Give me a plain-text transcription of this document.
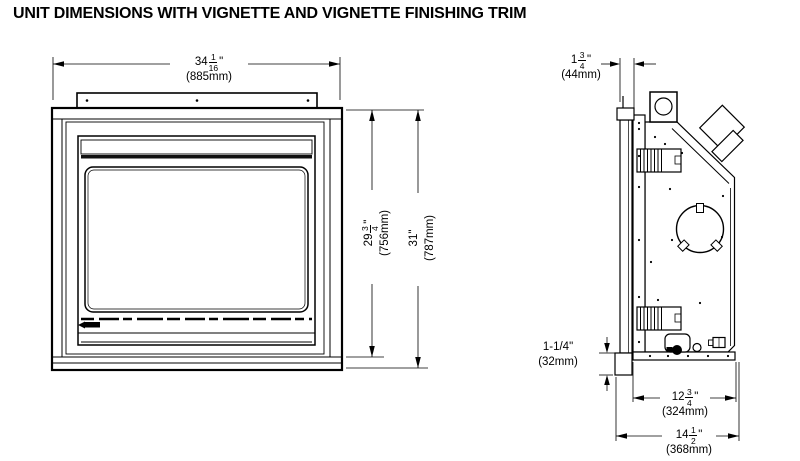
UNIT DIMENSIONS WITH VIGNETTE AND VIGNETTE FINISHING TRIM
$34 \frac{1}{16}$ "
(885mm)
29
3 4
" (756mm) 31
" (787mm)
$1 \frac{3}{4}$ "
(44mm)
1-1/4 "
(32mm)
$12 \frac{3}{4}$ "
(324mm)
$14 \frac{1}{2}$ "
(368mm)
